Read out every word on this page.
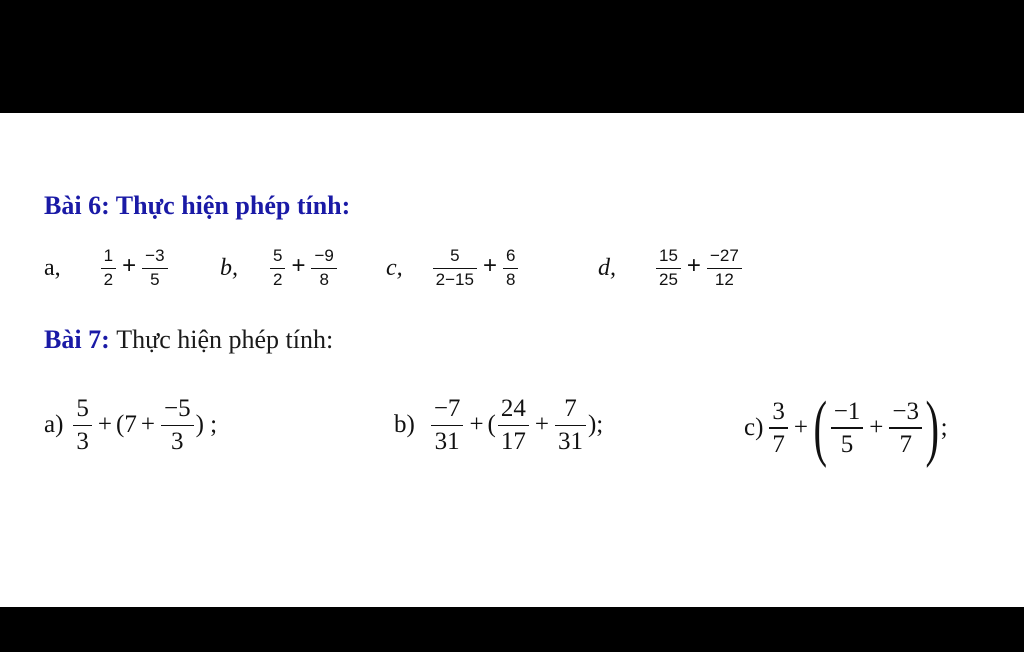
Bài 6: Thực hiện phép tính:
a, $\frac{1}{2} + \frac{-3}{5} b$, $\frac{5}{2} + \frac{-9}{8} c$, $\frac{5}{2-15} + \frac{6}{8}$	d, $\frac{15}{25} + \frac{-27}{12}$
Bài 7: Thực hiện phép tính:
$a) \frac{5}{3} + (7 + \frac{-5}{3}$ ) ;	$b) \frac{-7}{31}$ + ( $\frac{24}{17} + \frac{7}{31}$ );	$c) \frac{3}{7}$ + ( $\frac{-1}{5} + \frac{-3}{7}$ ) ;
